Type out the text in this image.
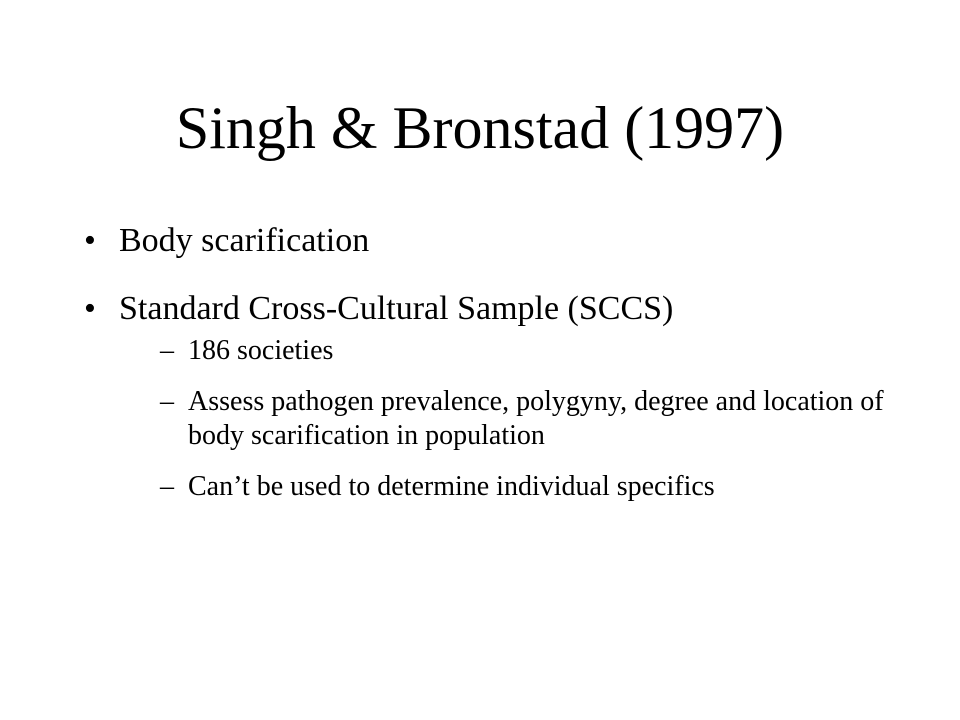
Singh & Bronstad (1997)
• Body scarification
• Standard Cross-Cultural Sample (SCCS)
– 186 societies
– Assess pathogen prevalence, polygyny, degree and location of body scarification in population
– Can’t be used to determine individual specifics
